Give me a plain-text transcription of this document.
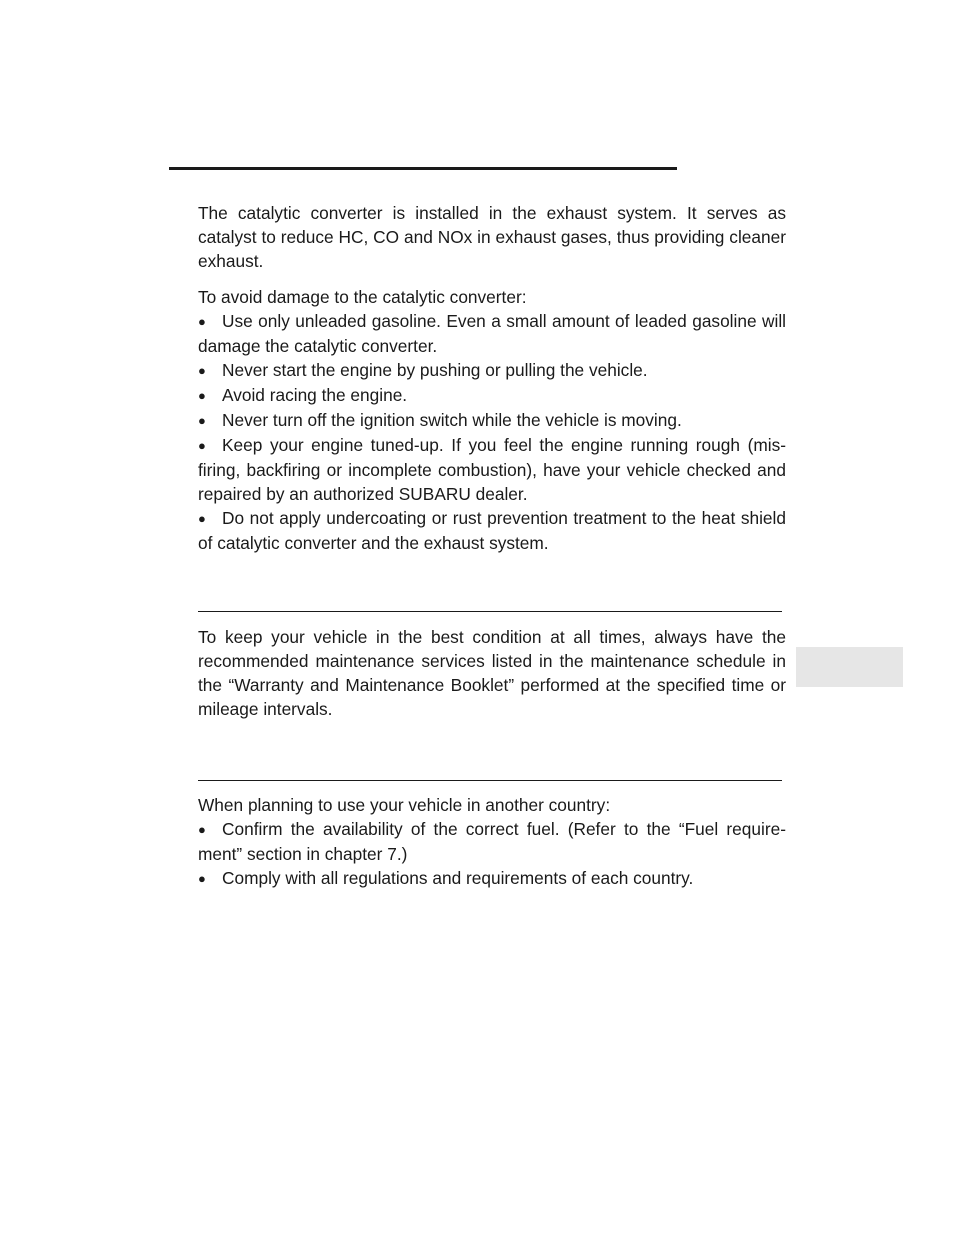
The catalytic converter is installed in the exhaust system. It serves as catalyst to reduce HC, CO and NOx in exhaust gases, thus providing cleaner exhaust.

To avoid damage to the catalytic converter:

● Use only unleaded gasoline. Even a small amount of leaded gasoline will damage the catalytic converter.

● Never start the engine by pushing or pulling the vehicle.

● Avoid racing the engine.

● Never turn off the ignition switch while the vehicle is moving.

● Keep your engine tuned-up. If you feel the engine running rough (misfiring, backfiring or incomplete combustion), have your vehicle checked and repaired by an authorized SUBARU dealer.

● Do not apply undercoating or rust prevention treatment to the heat shield of catalytic converter and the exhaust system.

To keep your vehicle in the best condition at all times, always have the recommended maintenance services listed in the maintenance schedule in the “Warranty and Maintenance Booklet” performed at the specified time or mileage intervals.

When planning to use your vehicle in another country:

● Confirm the availability of the correct fuel. (Refer to the “Fuel requirement” section in chapter 7.)

● Comply with all regulations and requirements of each country.
